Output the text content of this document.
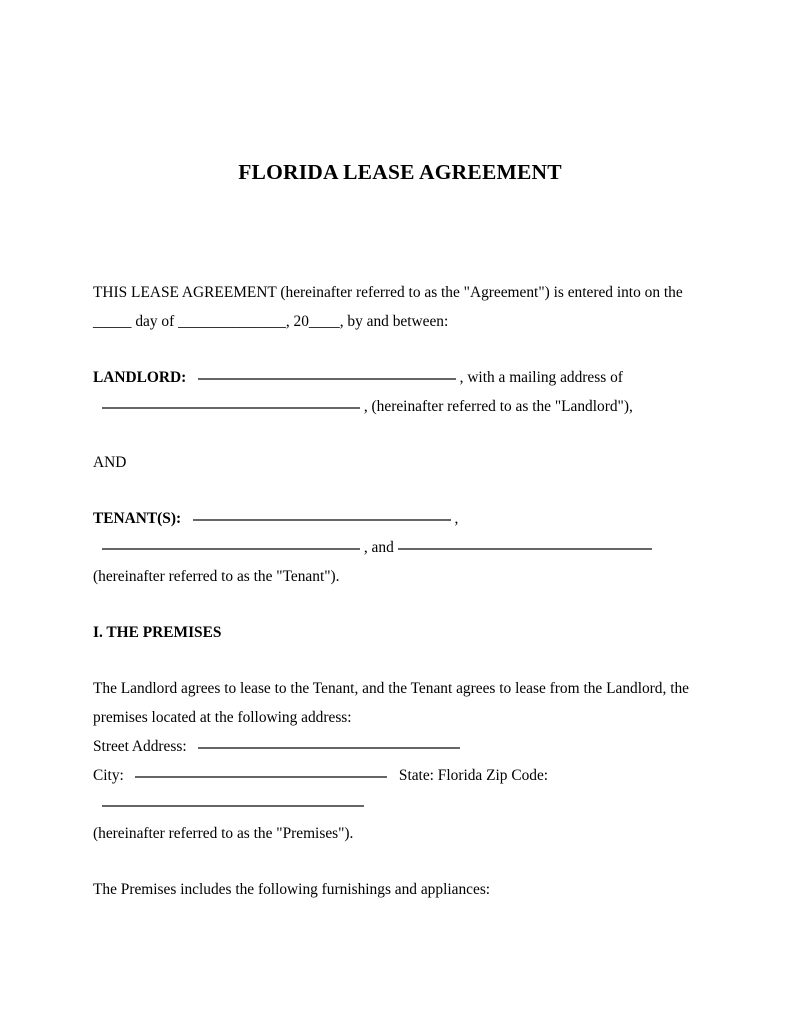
FLORIDA LEASE AGREEMENT

THIS LEASE AGREEMENT (hereinafter referred to as the "Agreement") is entered into on the

_____ day of ______________, 20____, by and between:

LANDLORD:	, with a mailing address of
, (hereinafter referred to as the "Landlord"),

AND

TENANT(S):	,
, and

(hereinafter referred to as the "Tenant").

I. THE PREMISES

The Landlord agrees to lease to the Tenant, and the Tenant agrees to lease from the Landlord, the

premises located at the following address:

Street Address:
City:	State: Florida Zip Code:

(hereinafter referred to as the "Premises").

The Premises includes the following furnishings and appliances:
